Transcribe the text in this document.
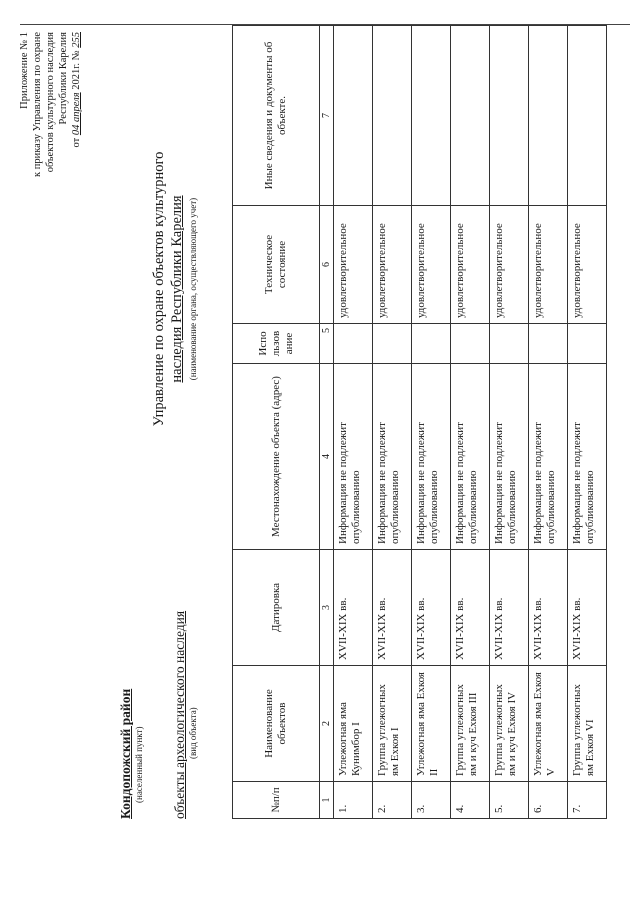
Приложение № 1 к приказу Управления по охране объектов культурного наследия Республики Карелия
от 04 апреля 2021г. № 255
Кондопожский район (населенный пункт) объекты археологического наследия (вид объекта)
Управление по охране объектов культурного наследия Республики Карелия (наименование органа, осуществляющего учет)
№п/п	Наименование объектов	Датировка	Местонахождение объекта (адрес)	Использование	Техническое состояние	Иные сведения и документы об объекте.
1	2	3	4	5	6	7
1.	Углежогная яма Кунимбор I	XVII-XIX вв.	Информация не подлежит опубликованию		удовлетворительное	
2.	Группа углежогных ям Ехкоя I	XVII-XIX вв.	Информация не подлежит опубликованию		удовлетворительное	
3.	Углежогная яма Ехкоя II	XVII-XIX вв.	Информация не подлежит опубликованию		удовлетворительное	
4.	Группа углежогных ям и куч Ехкоя III	XVII-XIX вв.	Информация не подлежит опубликованию		удовлетворительное	
5.	Группа углежогных ям и куч Ехкоя IV	XVII-XIX вв.	Информация не подлежит опубликованию		удовлетворительное	
6.	Углежогная яма Ехкоя V	XVII-XIX вв.	Информация не подлежит опубликованию		удовлетворительное	
7.	Группа углежогных ям Ехкоя VI	XVII-XIX вв.	Информация не подлежит опубликованию		удовлетворительное	
